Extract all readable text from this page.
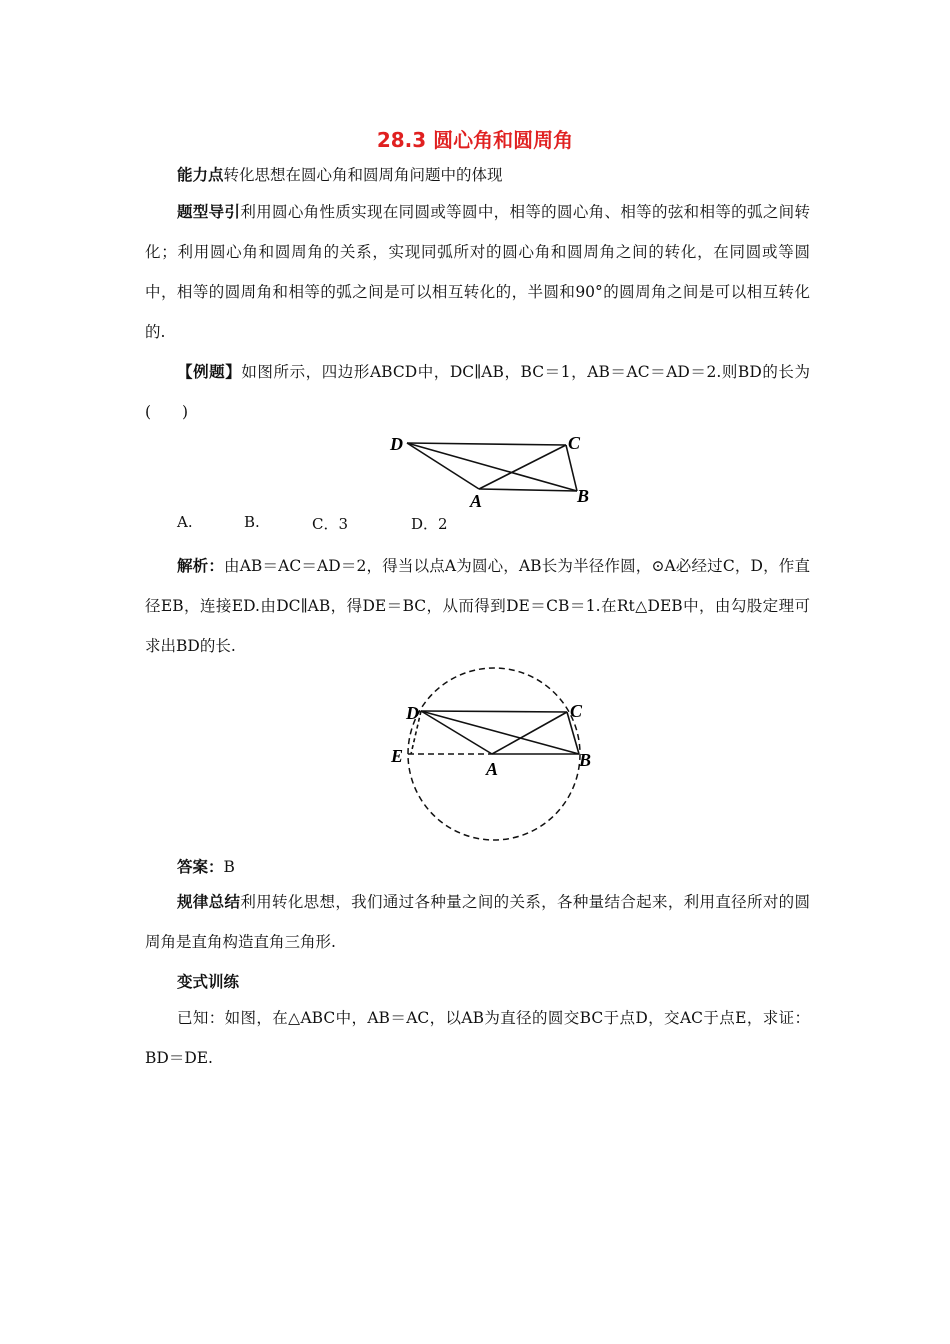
28.3 圆心角和圆周角
能力点转化思想在圆心角和圆周角问题中的体现
题型导引利用圆心角性质实现在同圆或等圆中，相等的圆心角、相等的弦和相等的弧之间转化；利用圆心角和圆周角的关系，实现同弧所对的圆心角和圆周角之间的转化，在同圆或等圆中，相等的圆周角和相等的弧之间是可以相互转化的，半圆和90°的圆周角之间是可以相互转化的.
【例题】如图所示，四边形ABCD中，DC∥AB，BC＝1，AB＝AC＝AD＝2.则BD的长为(　　)
D	C
A	B
A.	B.	C．3	D．2
解析：由AB＝AC＝AD＝2，得当以点A为圆心，AB长为半径作圆，⊙A必经过C，D，作直径EB，连接ED.由DC∥AB，得DE＝BC，从而得到DE＝CB＝1.在Rt△DEB中，由勾股定理可求出BD的长.
D	C
E
A	B
答案：B
规律总结利用转化思想，我们通过各种量之间的关系，各种量结合起来，利用直径所对的圆周角是直角构造直角三角形.
变式训练
已知：如图，在△ABC中，AB＝AC，以AB为直径的圆交BC于点D，交AC于点E，求证：BD＝DE.
